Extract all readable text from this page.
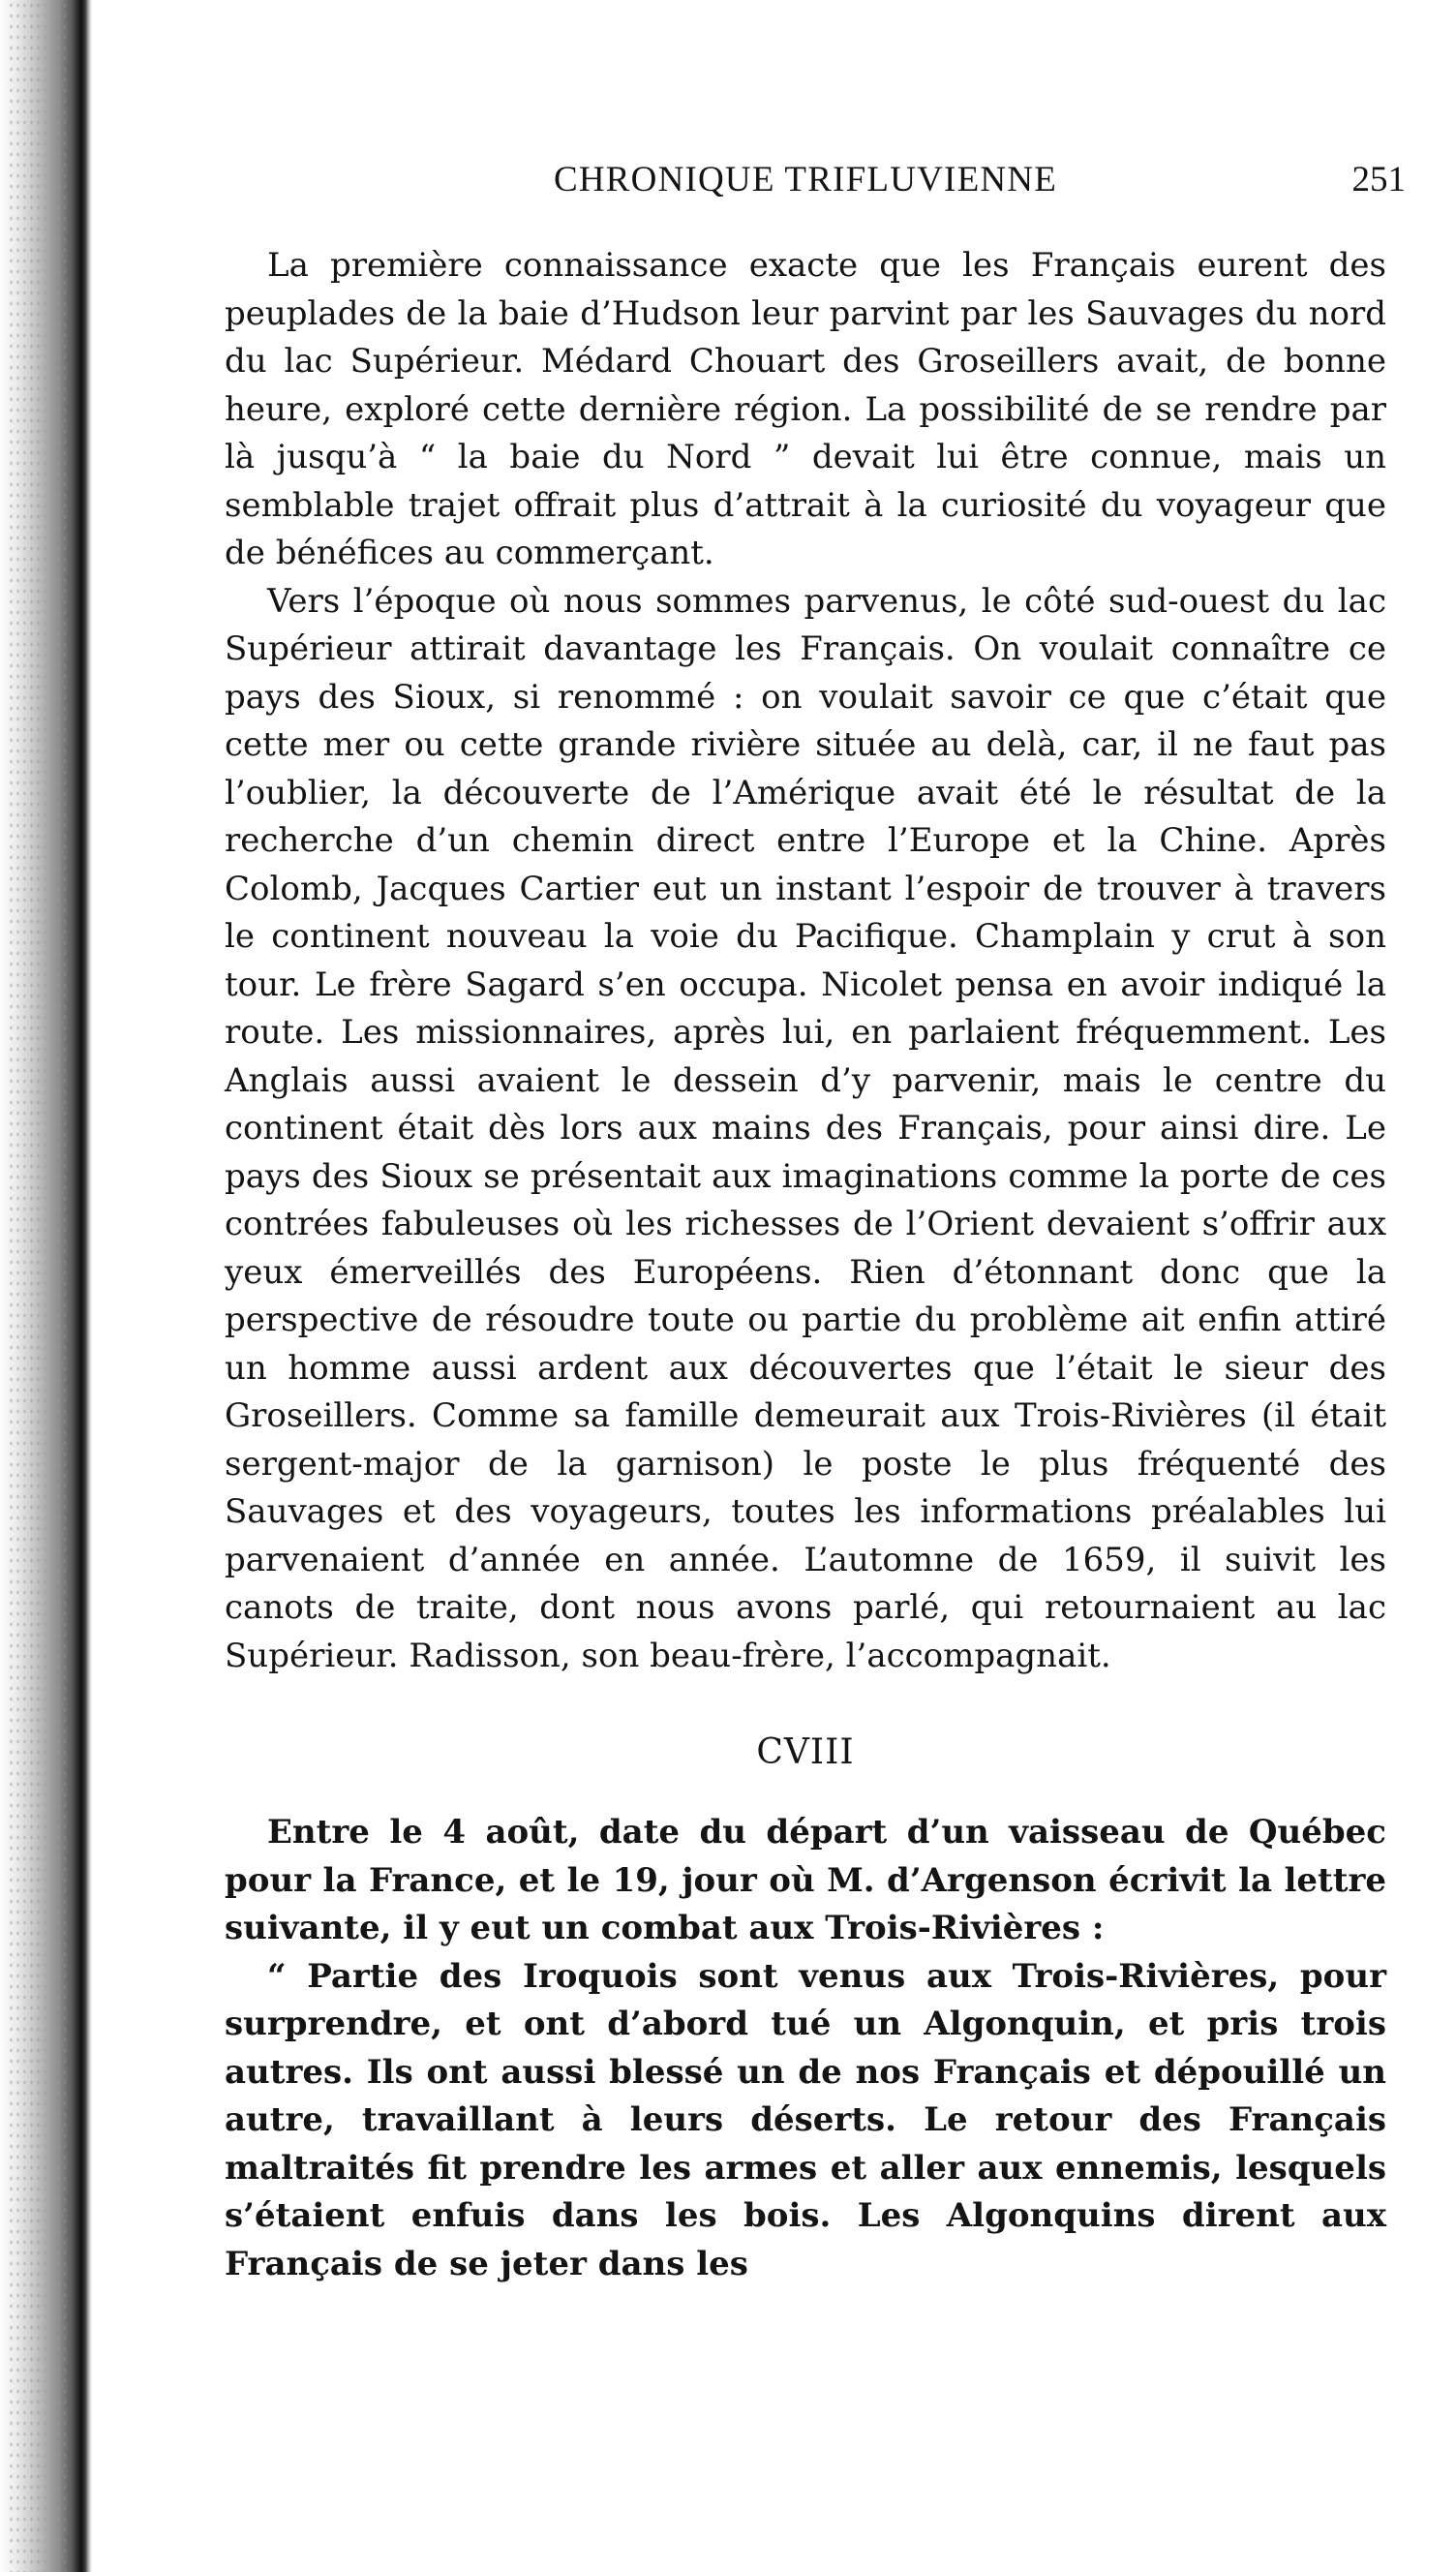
CHRONIQUE TRIFLUVIENNE	251

La première connaissance exacte que les Français eurent des peuplades de la baie d’Hudson leur parvint par les Sauvages du nord du lac Supérieur. Médard Chouart des Groseillers avait, de bonne heure, exploré cette dernière région. La possibilité de se rendre par là jusqu’à “ la baie du Nord ” devait lui être connue, mais un semblable trajet offrait plus d’attrait à la curiosité du voyageur que de bénéfices au commerçant.

Vers l’époque où nous sommes parvenus, le côté sud-ouest du lac Supérieur attirait davantage les Français. On voulait connaître ce pays des Sioux, si renommé : on voulait savoir ce que c’était que cette mer ou cette grande rivière située au delà, car, il ne faut pas l’oublier, la découverte de l’Amérique avait été le résultat de la recherche d’un chemin direct entre l’Europe et la Chine. Après Colomb, Jacques Cartier eut un instant l’espoir de trouver à travers le continent nouveau la voie du Pacifique. Champlain y crut à son tour. Le frère Sagard s’en occupa. Nicolet pensa en avoir indiqué la route. Les missionnaires, après lui, en parlaient fréquemment. Les Anglais aussi avaient le dessein d’y parvenir, mais le centre du continent était dès lors aux mains des Français, pour ainsi dire. Le pays des Sioux se présentait aux imaginations comme la porte de ces contrées fabuleuses où les richesses de l’Orient devaient s’offrir aux yeux émerveillés des Européens. Rien d’étonnant donc que la perspective de résoudre toute ou partie du problème ait enfin attiré un homme aussi ardent aux découvertes que l’était le sieur des Groseillers. Comme sa famille demeurait aux Trois-Rivières (il était sergent-major de la garnison) le poste le plus fréquenté des Sauvages et des voyageurs, toutes les informations préalables lui parvenaient d’année en année. L’automne de 1659, il suivit les canots de traite, dont nous avons parlé, qui retournaient au lac Supérieur. Radisson, son beau-frère, l’accompagnait.

CVIII

Entre le 4 août, date du départ d’un vaisseau de Québec pour la France, et le 19, jour où M. d’Argenson écrivit la lettre suivante, il y eut un combat aux Trois-Rivières :

“ Partie des Iroquois sont venus aux Trois-Rivières, pour surprendre, et ont d’abord tué un Algonquin, et pris trois autres. Ils ont aussi blessé un de nos Français et dépouillé un autre, travaillant à leurs déserts. Le retour des Français maltraités fit prendre les armes et aller aux ennemis, lesquels s’étaient enfuis dans les bois. Les Algonquins dirent aux Français de se jeter dans les
